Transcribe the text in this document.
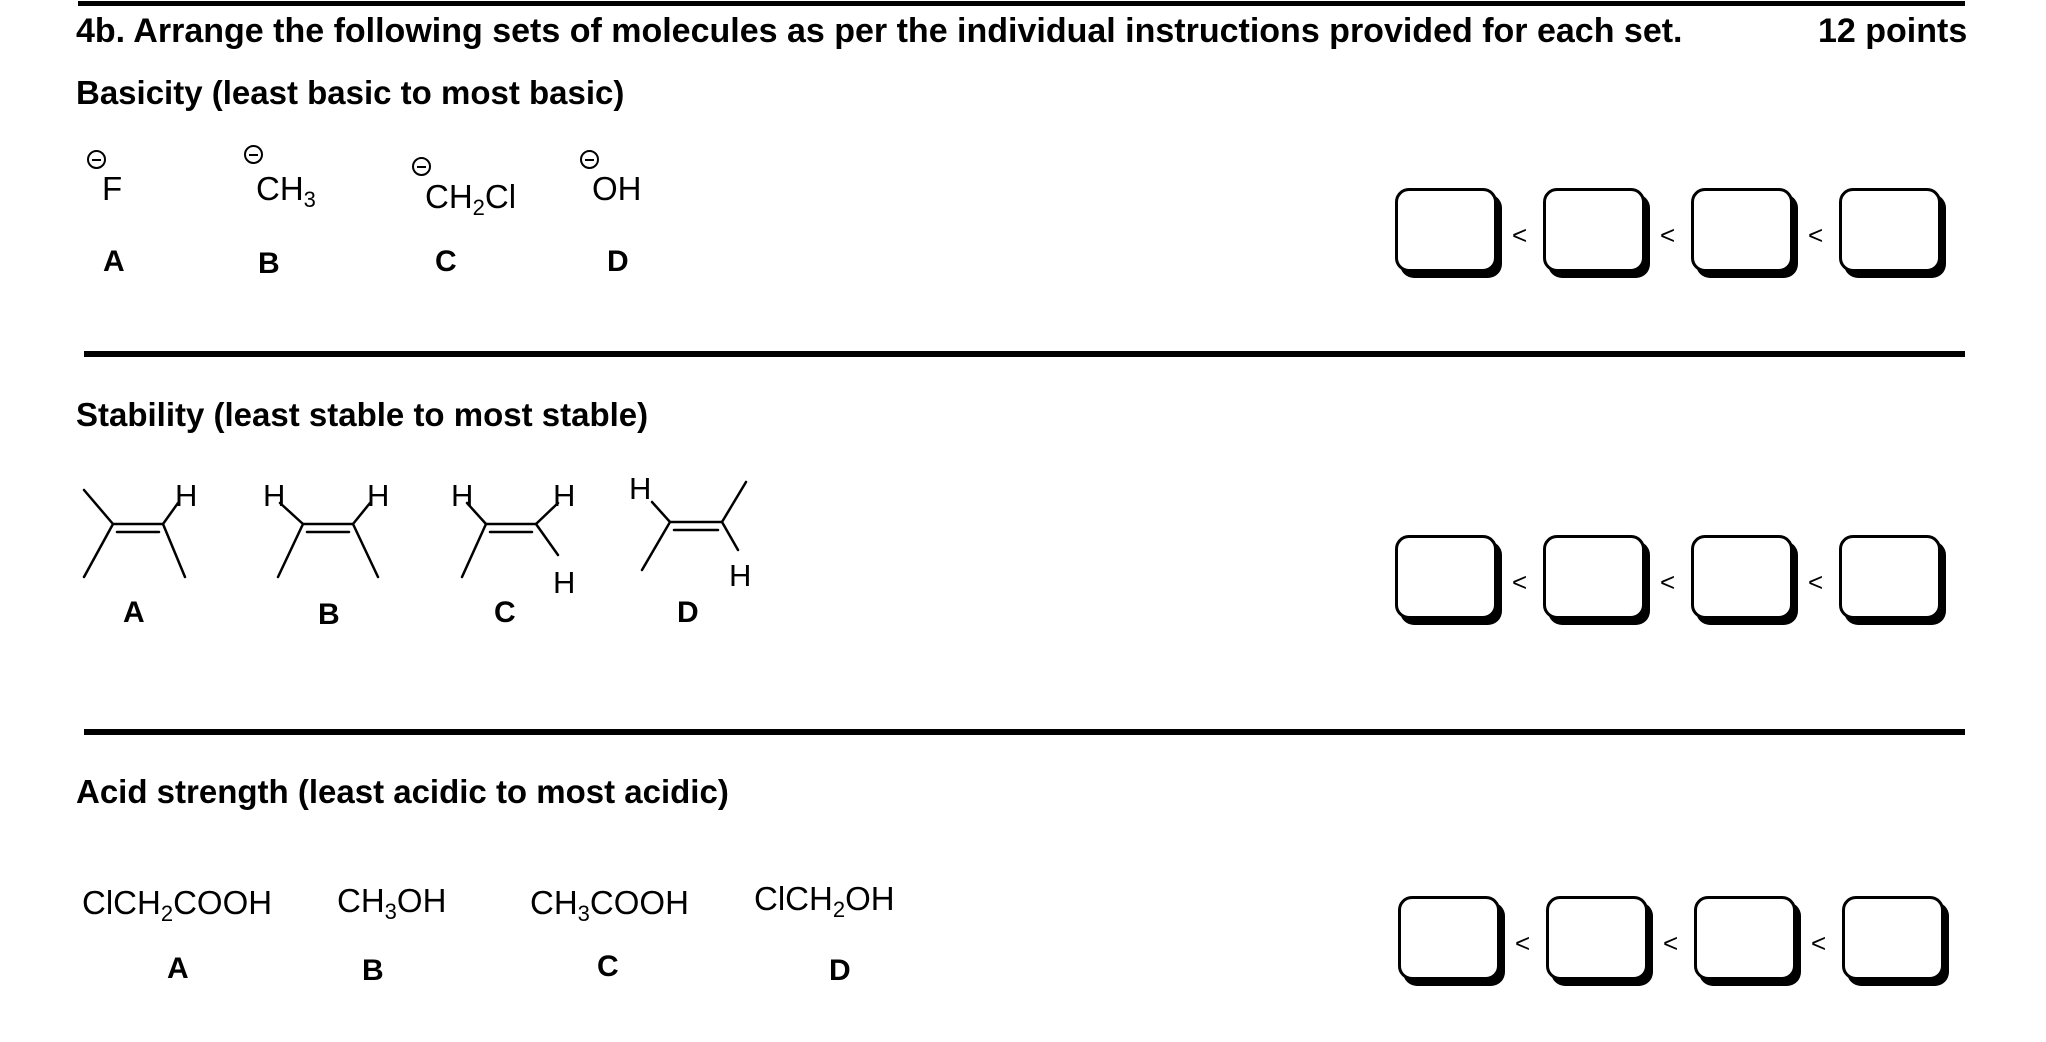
4b. Arrange the following sets of molecules as per the individual instructions provided for each set.	12 points
Basicity (least basic to most basic)
F
A
$CH_3$
B
$CH_2Cl$
C
OH
D
<	<	<
Stability (least stable to most stable)
H H	H H	H
H
H
H
A	B	C	D
<	<	<
Acid strength (least acidic to most acidic)
ClCH$_2$COOH $CH_3OH$	$CH_3COOH$ ClCH$_2$OH
A	B	C	D
<	<	<
